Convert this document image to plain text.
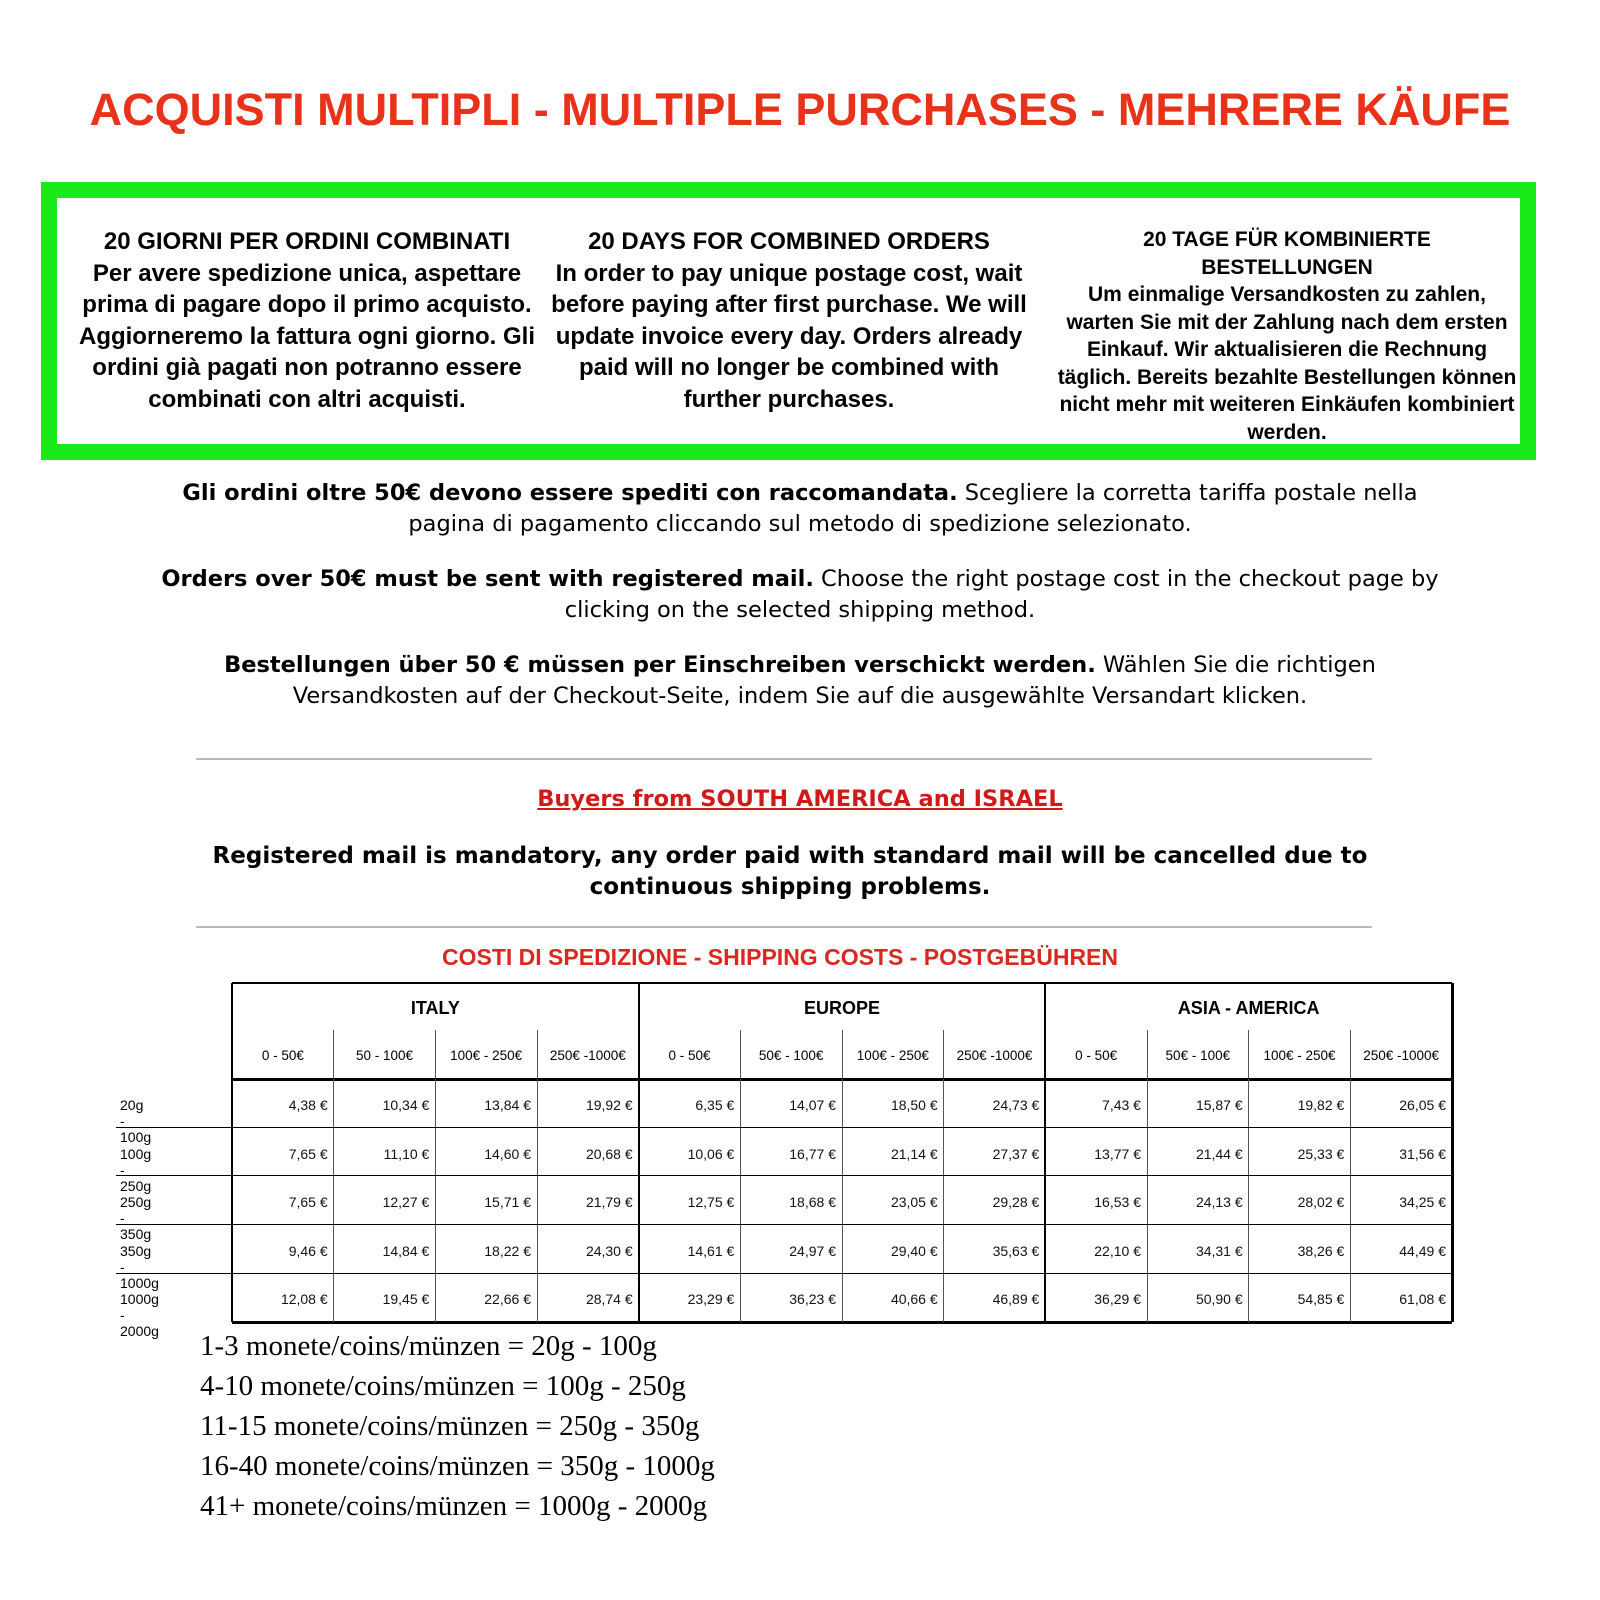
ACQUISTI MULTIPLI - MULTIPLE PURCHASES - MEHRERE KÄUFE
20 GIORNI PER ORDINI COMBINATI
Per avere spedizione unica, aspettare prima di pagare dopo il primo acquisto. Aggiorneremo la fattura ogni giorno. Gli ordini già pagati non potranno essere combinati con altri acquisti.
20 DAYS FOR COMBINED ORDERS
In order to pay unique postage cost, wait before paying after first purchase. We will update invoice every day. Orders already paid will no longer be combined with further purchases.
20 TAGE FÜR KOMBINIERTE BESTELLUNGEN
Um einmalige Versandkosten zu zahlen, warten Sie mit der Zahlung nach dem ersten Einkauf. Wir aktualisieren die Rechnung täglich. Bereits bezahlte Bestellungen können nicht mehr mit weiteren Einkäufen kombiniert werden.
Gli ordini oltre 50€ devono essere spediti con raccomandata. Scegliere la corretta tariffa postale nella pagina di pagamento cliccando sul metodo di spedizione selezionato.
Orders over 50€ must be sent with registered mail. Choose the right postage cost in the checkout page by clicking on the selected shipping method.
Bestellungen über 50 € müssen per Einschreiben verschickt werden. Wählen Sie die richtigen Versandkosten auf der Checkout-Seite, indem Sie auf die ausgewählte Versandart klicken.
Buyers from SOUTH AMERICA and ISRAEL
Registered mail is mandatory, any order paid with standard mail will be cancelled due to continuous shipping problems.
COSTI DI SPEDIZIONE - SHIPPING COSTS - POSTGEBÜHREN
ITALY
0 - 50€	50 - 100€	100€ - 250€	250€ -1000€
EUROPE
0 - 50€	50€ - 100€	100€ - 250€	250€ -1000€
ASIA - AMERICA
0 - 50€	50€ - 100€	100€ - 250€	250€ -1000€
20g - 100g
4,38 €	10,34 €	13,84 €	19,92 €	6,35 €	14,07 €	18,50 €	24,73 €	7,43 €	15,87 €	19,82 €	26,05 €
100g - 250g
7,65 €	11,10 €	14,60 €	20,68 €	10,06 €	16,77 €	21,14 €	27,37 €	13,77 €	21,44 €	25,33 €	31,56 €
250g - 350g
7,65 €	12,27 €	15,71 €	21,79 €	12,75 €	18,68 €	23,05 €	29,28 €	16,53 €	24,13 €	28,02 €	34,25 €
350g - 1000g
9,46 €	14,84 €	18,22 €	24,30 €	14,61 €	24,97 €	29,40 €	35,63 €	22,10 €	34,31 €	38,26 €	44,49 €
1000g - 2000g
12,08 €	19,45 €	22,66 €	28,74 €	23,29 €	36,23 €	40,66 €	46,89 €	36,29 €	50,90 €	54,85 €	61,08 €
1-3 monete/coins/münzen = 20g - 100g
4-10 monete/coins/münzen = 100g - 250g
11-15 monete/coins/münzen = 250g - 350g
16-40 monete/coins/münzen = 350g - 1000g
41+ monete/coins/münzen = 1000g - 2000g
